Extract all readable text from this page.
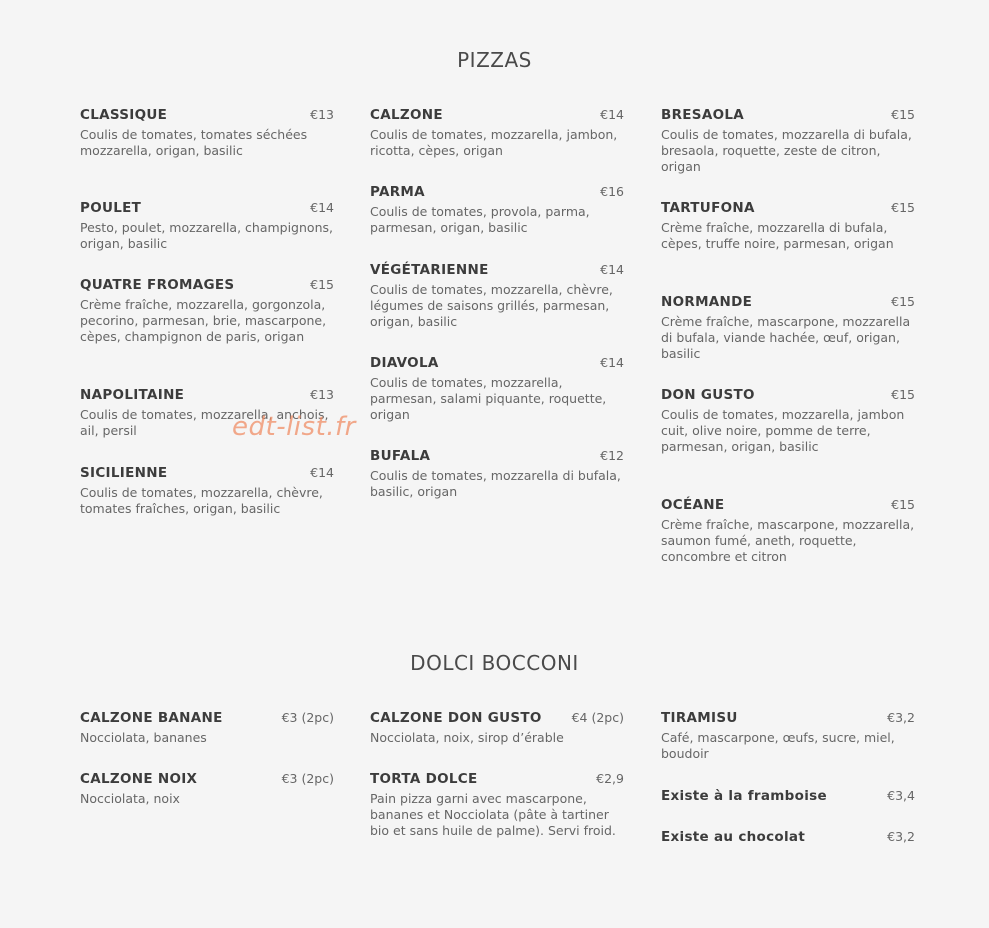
PIZZAS
CLASSIQUE	€13
Coulis de tomates, tomates séchées mozzarella, origan, basilic
POULET	€14
Pesto, poulet, mozzarella, champignons, origan, basilic
QUATRE FROMAGES	€15
Crème fraîche, mozzarella, gorgonzola, pecorino, parmesan, brie, mascarpone, cèpes, champignon de paris, origan
NAPOLITAINE	€13
Coulis de tomates, mozzarella, anchois, ail, persil
SICILIENNE	€14
Coulis de tomates, mozzarella, chèvre, tomates fraîches, origan, basilic
CALZONE	€14
Coulis de tomates, mozzarella, jambon, ricotta, cèpes, origan
PARMA	€16
Coulis de tomates, provola, parma, parmesan, origan, basilic
VÉGÉTARIENNE	€14
Coulis de tomates, mozzarella, chèvre, légumes de saisons grillés, parmesan, origan, basilic
DIAVOLA	€14
Coulis de tomates, mozzarella, parmesan, salami piquante, roquette, origan
BUFALA	€12
Coulis de tomates, mozzarella di bufala, basilic, origan
BRESAOLA	€15
Coulis de tomates, mozzarella di bufala, bresaola, roquette, zeste de citron, origan
TARTUFONA	€15
Crème fraîche, mozzarella di bufala, cèpes, truffe noire, parmesan, origan
NORMANDE	€15
Crème fraîche, mascarpone, mozzarella di bufala, viande hachée, œuf, origan, basilic
DON GUSTO	€15
Coulis de tomates, mozzarella, jambon cuit, olive noire, pomme de terre, parmesan, origan, basilic
OCÉANE	€15
Crème fraîche, mascarpone, mozzarella, saumon fumé, aneth, roquette, concombre et citron
edt-list.fr
DOLCI BOCCONI
CALZONE BANANE	€3 (2pc)
Nocciolata, bananes
CALZONE NOIX	€3 (2pc)
Nocciolata, noix
CALZONE DON GUSTO €4 (2pc)
Nocciolata, noix, sirop d’érable
TORTA DOLCE	€2,9
Pain pizza garni avec mascarpone, bananes et Nocciolata (pâte à tartiner bio et sans huile de palme). Servi froid.
TIRAMISU	€3,2
Café, mascarpone, œufs, sucre, miel, boudoir
Existe à la framboise	€3,4
Existe au chocolat	€3,2
